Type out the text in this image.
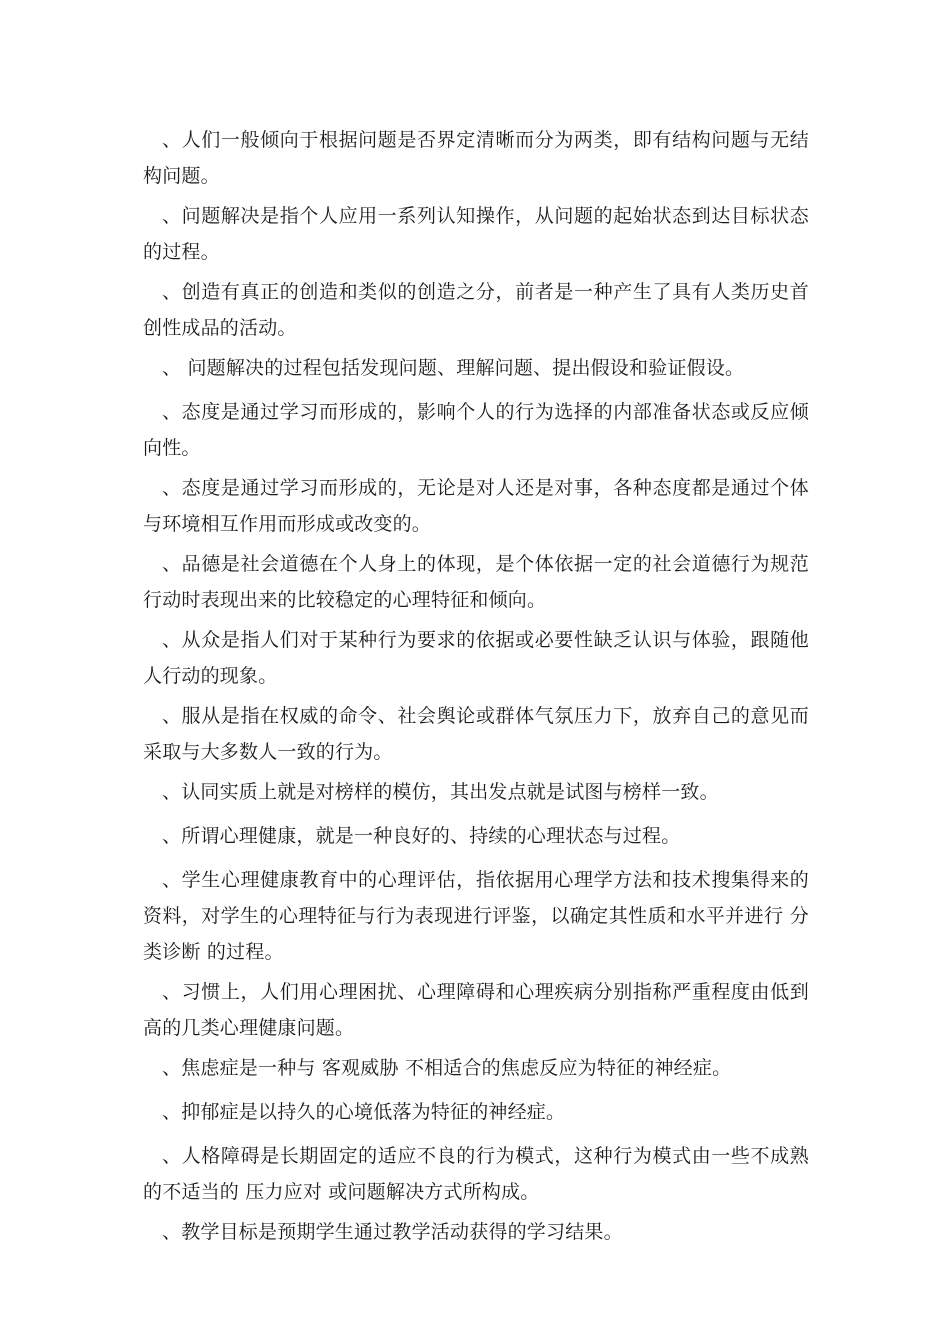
、人们一般倾向于根据问题是否界定清晰而分为两类，即有结构问题与无结构问题。

、问题解决是指个人应用一系列认知操作，从问题的起始状态到达目标状态的过程。

、创造有真正的创造和类似的创造之分，前者是一种产生了具有人类历史首创性成品的活动。

、 问题解决的过程包括发现问题、理解问题、提出假设和验证假设。

、态度是通过学习而形成的，影响个人的行为选择的内部准备状态或反应倾向性。

、态度是通过学习而形成的，无论是对人还是对事，各种态度都是通过个体与环境相互作用而形成或改变的。

、品德是社会道德在个人身上的体现，是个体依据一定的社会道德行为规范行动时表现出来的比较稳定的心理特征和倾向。

、从众是指人们对于某种行为要求的依据或必要性缺乏认识与体验，跟随他人行动的现象。

、服从是指在权威的命令、社会舆论或群体气氛压力下，放弃自己的意见而采取与大多数人一致的行为。

、认同实质上就是对榜样的模仿，其出发点就是试图与榜样一致。

、所谓心理健康，就是一种良好的、持续的心理状态与过程。

、学生心理健康教育中的心理评估，指依据用心理学方法和技术搜集得来的资料，对学生的心理特征与行为表现进行评鉴，以确定其性质和水平并进行 分类诊断 的过程。

、习惯上，人们用心理困扰、心理障碍和心理疾病分别指称严重程度由低到高的几类心理健康问题。

、焦虑症是一种与 客观威胁 不相适合的焦虑反应为特征的神经症。

、抑郁症是以持久的心境低落为特征的神经症。

、人格障碍是长期固定的适应不良的行为模式，这种行为模式由一些不成熟的不适当的 压力应对 或问题解决方式所构成。

、教学目标是预期学生通过教学活动获得的学习结果。
